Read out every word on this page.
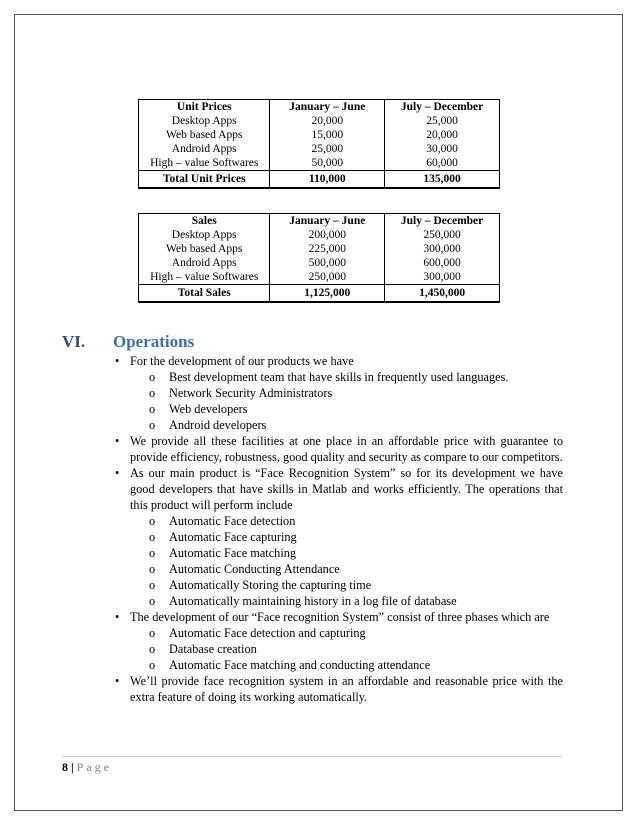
Unit Prices	January – June	July – December
Desktop Apps	20,000	25,000
Web based Apps	15,000	20,000
Android Apps	25,000	30,000
High – value Softwares	50,000	60,000
Total Unit Prices	110,000	135,000
Sales	January – June	July – December
Desktop Apps	200,000	250,000
Web based Apps	225,000	300,000
Android Apps	500,000	600,000
High – value Softwares	250,000	300,000
Total Sales	1,125,000	1,450,000
VI. Operations
• For the development of our products we have
o Best development team that have skills in frequently used languages.
o Network Security Administrators
o Web developers
o Android developers
• We provide all these facilities at one place in an affordable price with guarantee to provide efficiency, robustness, good quality and security as compare to our competitors.
• As our main product is “Face Recognition System” so for its development we have good developers that have skills in Matlab and works efficiently. The operations that this product will perform include
o Automatic Face detection
o Automatic Face capturing
o Automatic Face matching
o Automatic Conducting Attendance
o Automatically Storing the capturing time
o Automatically maintaining history in a log file of database
• The development of our “Face recognition System” consist of three phases which are
o Automatic Face detection and capturing
o Database creation
o Automatic Face matching and conducting attendance
• We’ll provide face recognition system in an affordable and reasonable price with the extra feature of doing its working automatically.
8 | Page
